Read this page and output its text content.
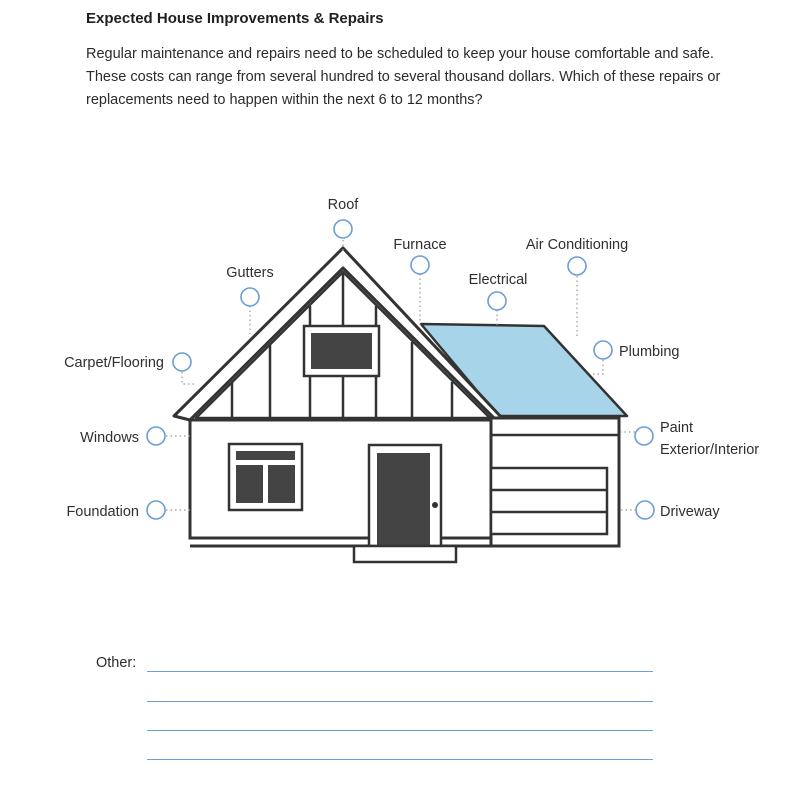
Expected House Improvements & Repairs

Regular maintenance and repairs need to be scheduled to keep your house comfortable and safe. These costs can range from several hundred to several thousand dollars. Which of these repairs or replacements need to happen within the next 6 to 12 months?

Roof
Furnace	Air Conditioning
Gutters	Electrical
Carpet/Flooring
Plumbing
Windows
Paint
Exterior/Interior
Foundation	Driveway
Other:
